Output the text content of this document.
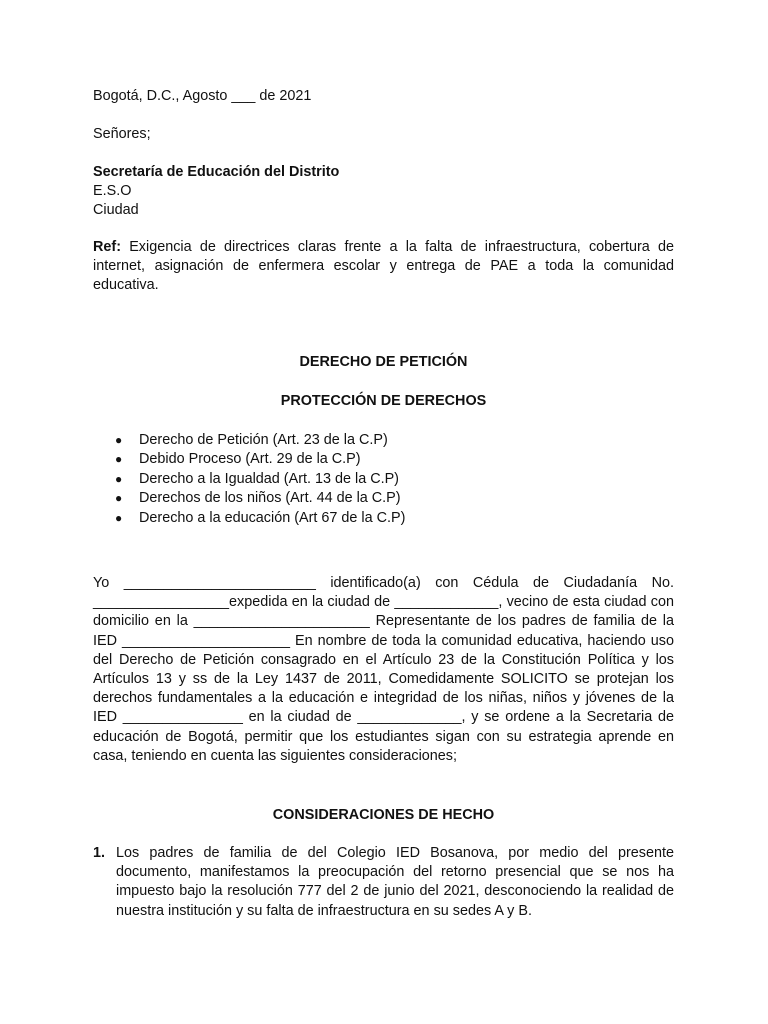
Bogotá, D.C., Agosto ___ de 2021
Señores;
Secretaría de Educación del Distrito
E.S.O
Ciudad
Ref: Exigencia de directrices claras frente a la falta de infraestructura, cobertura de internet, asignación de enfermera escolar y entrega de PAE a toda la comunidad educativa.
DERECHO DE PETICIÓN
PROTECCIÓN DE DERECHOS
● Derecho de Petición (Art. 23 de la C.P)
● Debido Proceso (Art. 29 de la C.P)
● Derecho a la Igualdad (Art. 13 de la C.P)
● Derechos de los niños (Art. 44 de la C.P)
● Derecho a la educación (Art 67 de la C.P)
Yo ________________________ identificado(a) con Cédula de Ciudadanía No. _________________expedida en la ciudad de _____________, vecino de esta ciudad con domicilio en la ______________________ Representante de los padres de familia de la IED _____________________ En nombre de toda la comunidad educativa, haciendo uso del Derecho de Petición consagrado en el Artículo 23 de la Constitución Política y los Artículos 13 y ss de la Ley 1437 de 2011, Comedidamente SOLICITO se protejan los derechos fundamentales a la educación e integridad de los niñas, niños y jóvenes de la IED _______________ en la ciudad de _____________, y se ordene a la Secretaria de educación de Bogotá, permitir que los estudiantes sigan con su estrategia aprende en casa, teniendo en cuenta las siguientes consideraciones;
CONSIDERACIONES DE HECHO
1. Los padres de familia de del Colegio IED Bosanova, por medio del presente documento, manifestamos la preocupación del retorno presencial que se nos ha impuesto bajo la resolución 777 del 2 de junio del 2021, desconociendo la realidad de nuestra institución y su falta de infraestructura en su sedes A y B.
